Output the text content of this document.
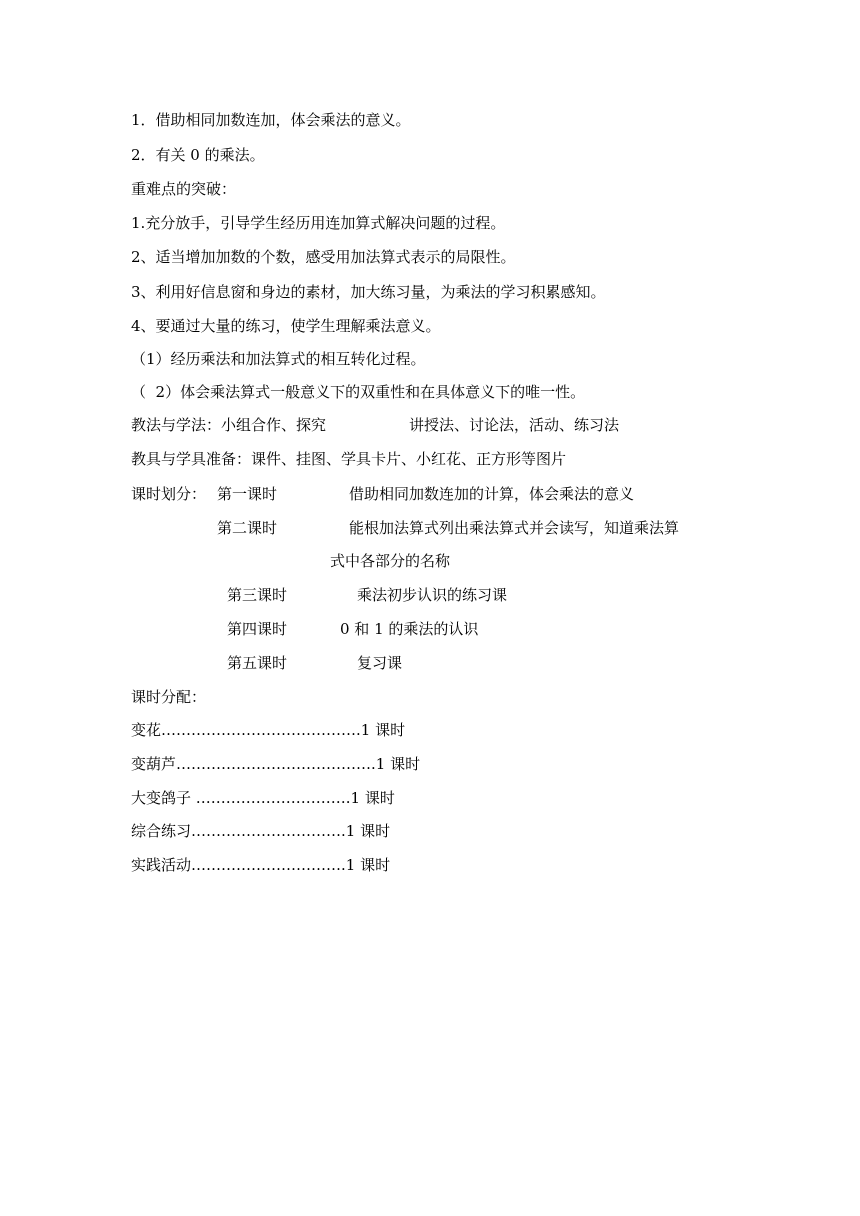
1．借助相同加数连加，体会乘法的意义。
2．有关 0 的乘法。
重难点的突破：
1.充分放手，引导学生经历用连加算式解决问题的过程。
2、适当增加加数的个数，感受用加法算式表示的局限性。
3、利用好信息窗和身边的素材，加大练习量，为乘法的学习积累感知。
4、要通过大量的练习，使学生理解乘法意义。
（1）经历乘法和加法算式的相互转化过程。
（  2）体会乘法算式一般意义下的双重性和在具体意义下的唯一性。
教法与学法：小组合作、探究	讲授法、讨论法，活动、练习法
教具与学具准备：课件、挂图、学具卡片、小红花、正方形等图片
课时划分： 第一课时	借助相同加数连加的计算，体会乘法的意义
第二课时	能根加法算式列出乘法算式并会读写，知道乘法算
式中各部分的名称
第三课时	乘法初步认识的练习课
第四课时	0 和 1 的乘法的认识
第五课时	复习课
课时分配：
变花………………………………….1 课时
变葫芦………………………………….1 课时
大变鸽子 ………………………….1 课时
综合练习………………………….1 课时
实践活动………………………….1 课时
